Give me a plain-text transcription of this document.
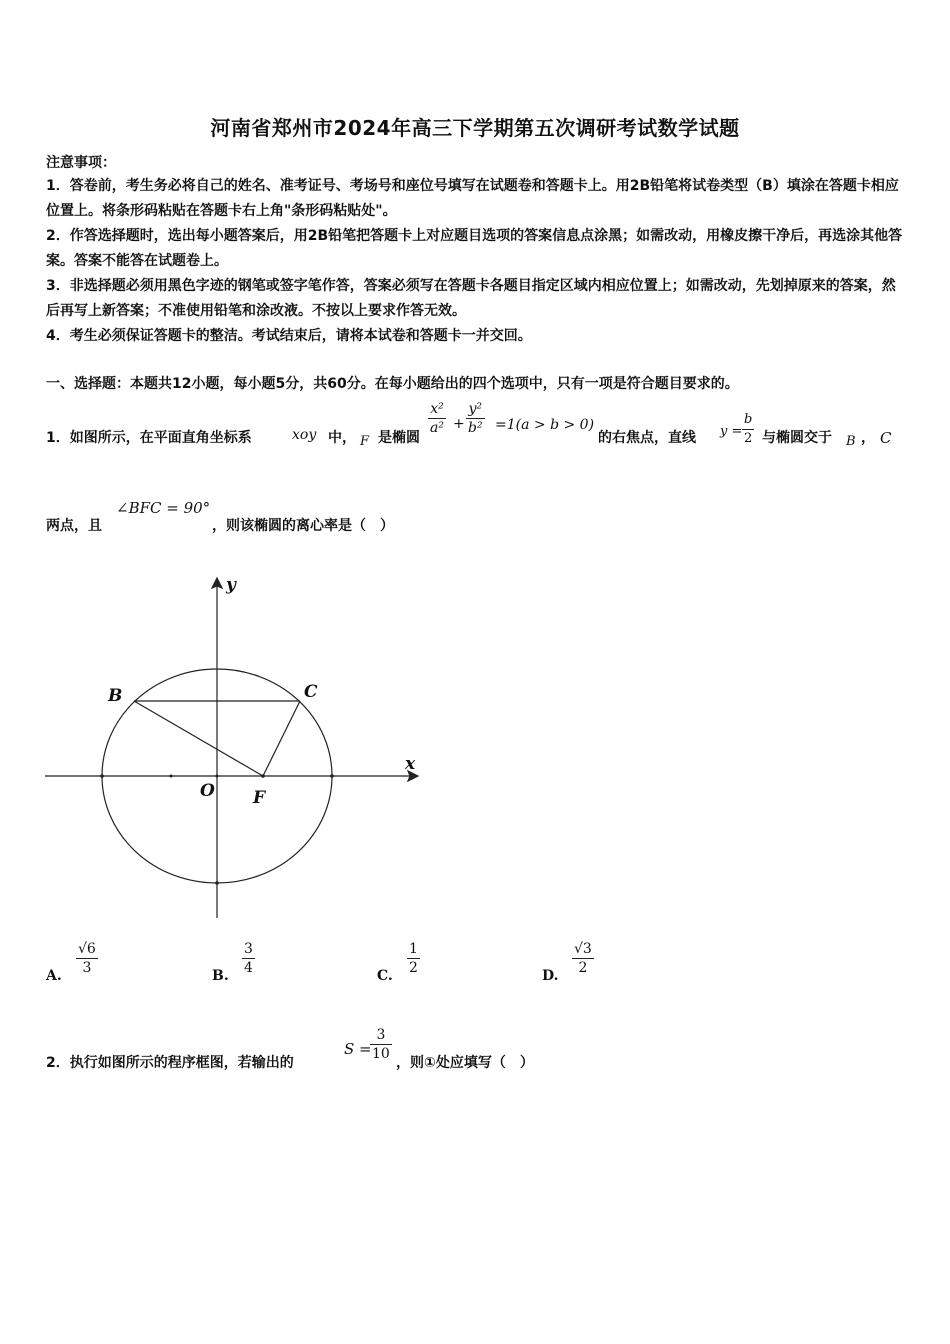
河南省郑州市2024年高三下学期第五次调研考试数学试题
注意事项：
1．答卷前，考生务必将自己的姓名、准考证号、考场号和座位号填写在试题卷和答题卡上。用2B铅笔将试卷类型（B）填涂在答题卡相应位置上。将条形码粘贴在答题卡右上角"条形码粘贴处"。
2．作答选择题时，选出每小题答案后，用2B铅笔把答题卡上对应题目选项的答案信息点涂黑；如需改动，用橡皮擦干净后，再选涂其他答案。答案不能答在试题卷上。
3．非选择题必须用黑色字迹的钢笔或签字笔作答，答案必须写在答题卡各题目指定区域内相应位置上；如需改动，先划掉原来的答案，然后再写上新答案；不准使用铅笔和涂改液。不按以上要求作答无效。
4．考生必须保证答题卡的整洁。考试结束后，请将本试卷和答题卡一并交回。
一、选择题：本题共12小题，每小题5分，共60分。在每小题给出的四个选项中，只有一项是符合题目要求的。
1．如图所示，在平面直角坐标系	xoy 中， F 是椭圆
x²
a² +
y²
b² =1(a > b > 0)
的右焦点，直线 y =
b
2 与椭圆交于 B ， C
两点，且
∠BFC = 90°
，则该椭圆的离心率是（　）
y
x
B	C
O F
A.
√6
3	B.
3
4	C.
1
2	D.
√3
2
2．执行如图所示的程序框图，若输出的
S =
3
10
，则①处应填写（　）
